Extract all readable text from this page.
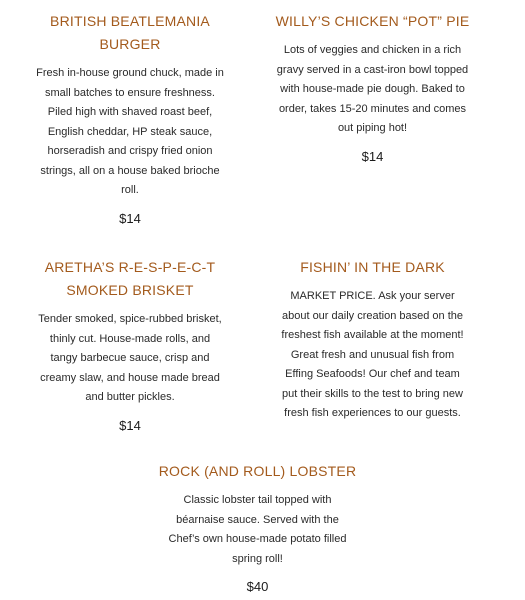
BRITISH BEATLEMANIA
BURGER

Fresh in-house ground chuck, made in
small batches to ensure freshness.
Piled high with shaved roast beef,
English cheddar, HP steak sauce,
horseradish and crispy fried onion
strings, all on a house baked brioche
roll.

$14

WILLY’S CHICKEN “POT” PIE

Lots of veggies and chicken in a rich
gravy served in a cast-iron bowl topped
with house-made pie dough. Baked to
order, takes 15-20 minutes and comes
out piping hot!

$14

ARETHA’S R-E-S-P-E-C-T
SMOKED BRISKET

Tender smoked, spice-rubbed brisket,
thinly cut. House-made rolls, and
tangy barbecue sauce, crisp and
creamy slaw, and house made bread
and butter pickles.

$14

FISHIN’ IN THE DARK

MARKET PRICE. Ask your server
about our daily creation based on the
freshest fish available at the moment!
Great fresh and unusual fish from
Effing Seafoods! Our chef and team
put their skills to the test to bring new
fresh fish experiences to our guests.

ROCK (AND ROLL) LOBSTER

Classic lobster tail topped with
béarnaise sauce. Served with the
Chef’s own house-made potato filled
spring roll!

$40
